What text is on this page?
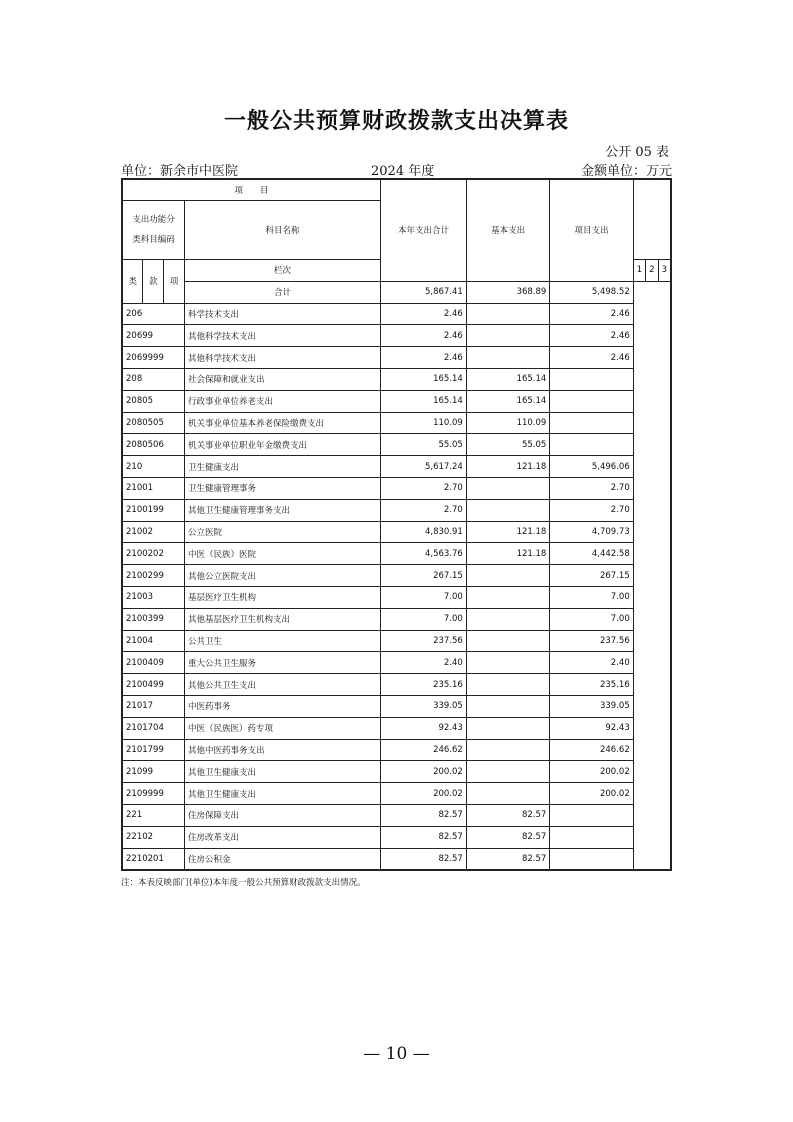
一般公共预算财政拨款支出决算表
公开 05 表
单位：新余市中医院	2024 年度	金额单位：万元
项　　目				本年支出合计	基本支出	项目支出			
支出功能分类科目编码			科目名称						
类	款	项	栏次				1	2	3
			合计	5,867.41	368.89	5,498.52			
206			科学技术支出	2.46		2.46			
20699			其他科学技术支出	2.46		2.46			
2069999			其他科学技术支出	2.46		2.46			
208			社会保障和就业支出	165.14	165.14				
20805			行政事业单位养老支出	165.14	165.14				
2080505			机关事业单位基本养老保险缴费支出	110.09	110.09				
2080506			机关事业单位职业年金缴费支出	55.05	55.05				
210			卫生健康支出	5,617.24	121.18	5,496.06			
21001			卫生健康管理事务	2.70		2.70			
2100199			其他卫生健康管理事务支出	2.70		2.70			
21002			公立医院	4,830.91	121.18	4,709.73			
2100202			中医（民族）医院	4,563.76	121.18	4,442.58			
2100299			其他公立医院支出	267.15		267.15			
21003			基层医疗卫生机构	7.00		7.00			
2100399			其他基层医疗卫生机构支出	7.00		7.00			
21004			公共卫生	237.56		237.56			
2100409			重大公共卫生服务	2.40		2.40			
2100499			其他公共卫生支出	235.16		235.16			
21017			中医药事务	339.05		339.05			
2101704			中医（民族医）药专项	92.43		92.43			
2101799			其他中医药事务支出	246.62		246.62			
21099			其他卫生健康支出	200.02		200.02			
2109999			其他卫生健康支出	200.02		200.02			
221			住房保障支出	82.57	82.57				
22102			住房改革支出	82.57	82.57				
2210201			住房公积金	82.57	82.57				
注：本表反映部门(单位)本年度一般公共预算财政拨款支出情况。
— 10 —
